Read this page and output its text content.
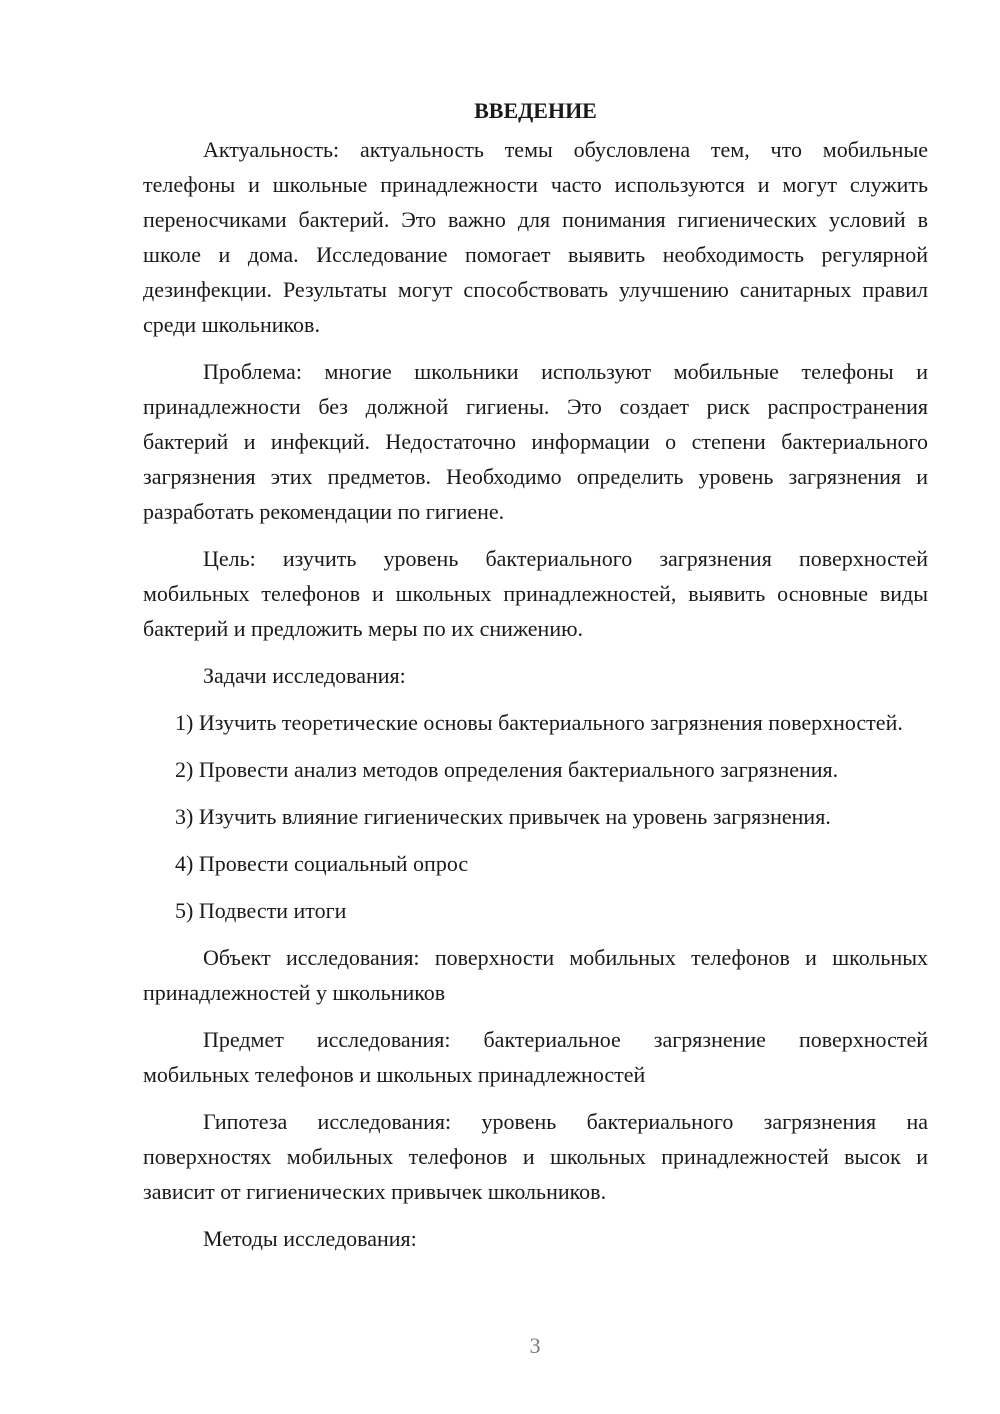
ВВЕДЕНИЕ

Актуальность: актуальность темы обусловлена тем, что мобильные телефоны и школьные принадлежности часто используются и могут служить переносчиками бактерий. Это важно для понимания гигиенических условий в школе и дома. Исследование помогает выявить необходимость регулярной дезинфекции. Результаты могут способствовать улучшению санитарных правил среди школьников.

Проблема: многие школьники используют мобильные телефоны и принадлежности без должной гигиены. Это создает риск распространения бактерий и инфекций. Недостаточно информации о степени бактериального загрязнения этих предметов. Необходимо определить уровень загрязнения и разработать рекомендации по гигиене.

Цель: изучить уровень бактериального загрязнения поверхностей мобильных телефонов и школьных принадлежностей, выявить основные виды бактерий и предложить меры по их снижению.

Задачи исследования:

1) Изучить теоретические основы бактериального загрязнения поверхностей.

2) Провести анализ методов определения бактериального загрязнения.

3) Изучить влияние гигиенических привычек на уровень загрязнения.

4) Провести социальный опрос

5) Подвести итоги

Объект исследования: поверхности мобильных телефонов и школьных принадлежностей у школьников

Предмет исследования: бактериальное загрязнение поверхностей мобильных телефонов и школьных принадлежностей

Гипотеза исследования: уровень бактериального загрязнения на поверхностях мобильных телефонов и школьных принадлежностей высок и зависит от гигиенических привычек школьников.

Методы исследования:

3
